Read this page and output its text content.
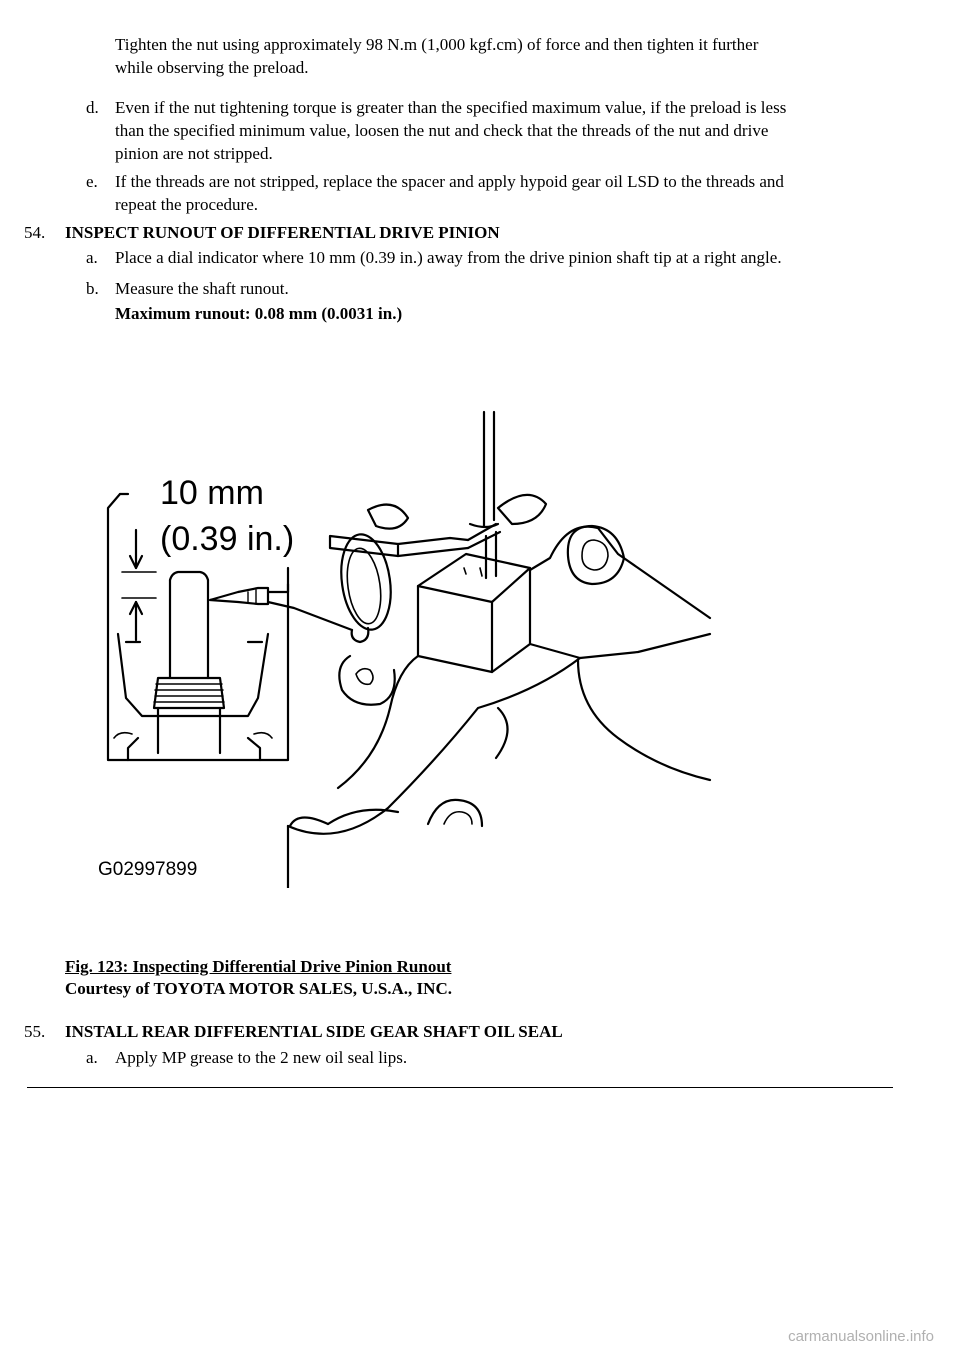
Tighten the nut using approximately 98 N.m (1,000 kgf.cm) of force and then tighten it further
while observing the preload.
d. Even if the nut tightening torque is greater than the specified maximum value, if the preload is less
than the specified minimum value, loosen the nut and check that the threads of the nut and drive
pinion are not stripped.
e. If the threads are not stripped, replace the spacer and apply hypoid gear oil LSD to the threads and
repeat the procedure.
54. INSPECT RUNOUT OF DIFFERENTIAL DRIVE PINION
a. Place a dial indicator where 10 mm (0.39 in.) away from the drive pinion shaft tip at a right angle.
b. Measure the shaft runout.
Maximum runout: 0.08 mm (0.0031 in.)
10 mm
(0.39 in.)
G02997899
Fig. 123: Inspecting Differential Drive Pinion Runout
Courtesy of TOYOTA MOTOR SALES, U.S.A., INC.
55. INSTALL REAR DIFFERENTIAL SIDE GEAR SHAFT OIL SEAL
a. Apply MP grease to the 2 new oil seal lips.
carmanualsonline.info
